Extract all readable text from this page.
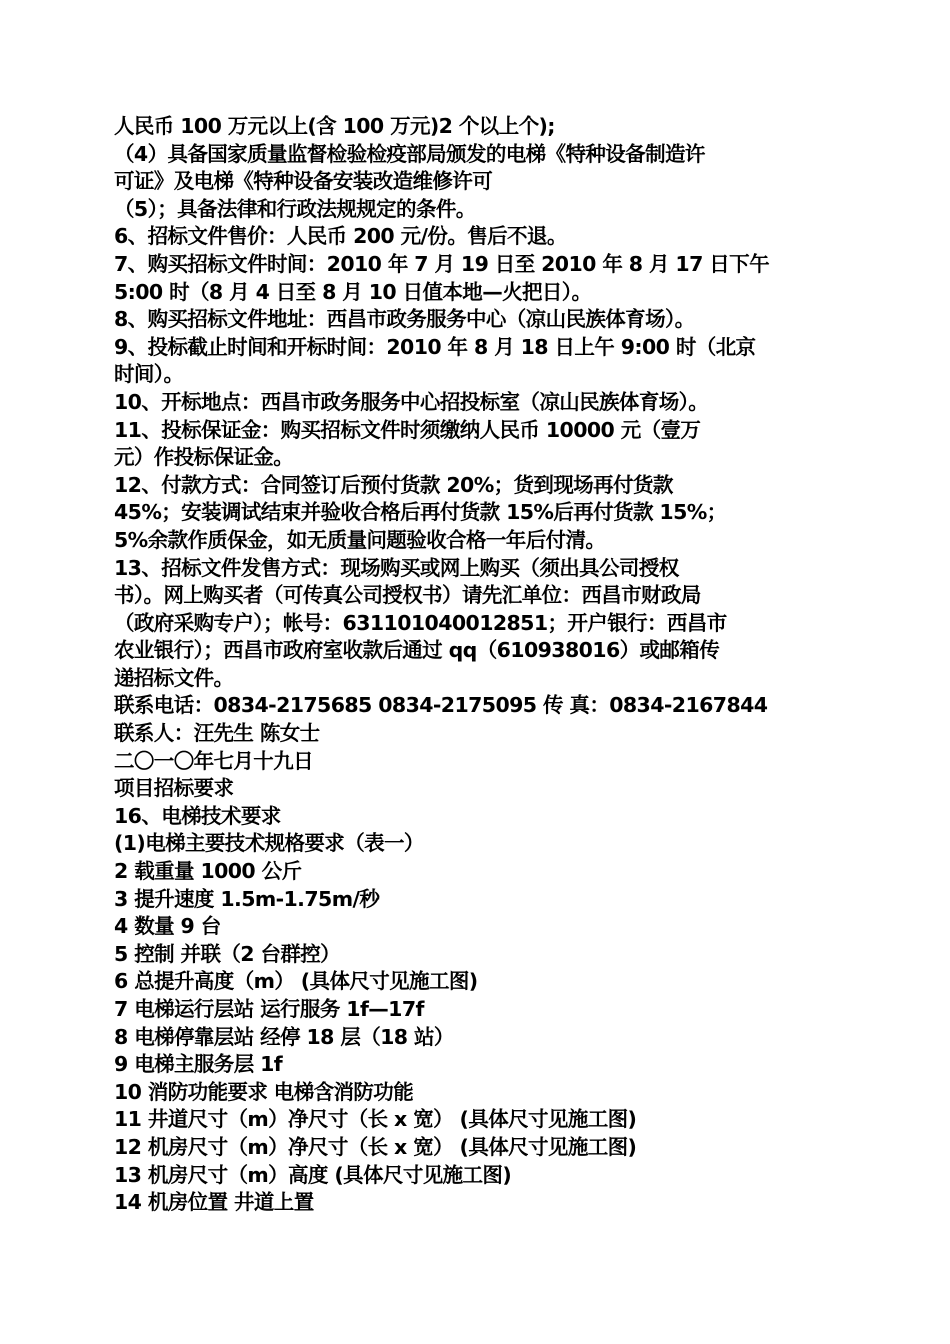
人民币 100 万元以上(含 100 万元)2 个以上个);
（4）具备国家质量监督检验检疫部局颁发的电梯《特种设备制造许
可证》及电梯《特种设备安装改造维修许可
（5）；具备法律和行政法规规定的条件。
6、招标文件售价：人民币 200 元/份。售后不退。
7、购买招标文件时间：2010 年 7 月 19 日至 2010 年 8 月 17 日下午
5:00 时（8 月 4 日至 8 月 10 日值本地—火把日）。
8、购买招标文件地址：西昌市政务服务中心（凉山民族体育场）。
9、投标截止时间和开标时间：2010 年 8 月 18 日上午 9:00 时（北京
时间）。
10、开标地点：西昌市政务服务中心招投标室（凉山民族体育场）。
11、投标保证金：购买招标文件时须缴纳人民币 10000 元（壹万
元）作投标保证金。
12、付款方式：合同签订后预付货款 20%；货到现场再付货款
45%；安装调试结束并验收合格后再付货款 15%后再付货款 15%；
5%余款作质保金，如无质量问题验收合格一年后付清。
13、招标文件发售方式：现场购买或网上购买（须出具公司授权
书）。网上购买者（可传真公司授权书）请先汇单位：西昌市财政局
（政府采购专户）；帐号：631101040012851；开户银行：西昌市
农业银行）；西昌市政府室收款后通过 qq（610938016）或邮箱传
递招标文件。
联系电话：0834-2175685 0834-2175095 传 真：0834-2167844
联系人：汪先生 陈女士
二〇一〇年七月十九日
项目招标要求
16、电梯技术要求
(1)电梯主要技术规格要求（表一）
2 载重量 1000 公斤
3 提升速度 1.5m-1.75m/秒
4 数量 9 台
5 控制 并联（2 台群控）
6 总提升高度（m） (具体尺寸见施工图)
7 电梯运行层站 运行服务 1f—17f
8 电梯停靠层站 经停 18 层（18 站）
9 电梯主服务层 1f
10 消防功能要求 电梯含消防功能
11 井道尺寸（m）净尺寸（长 x 宽） (具体尺寸见施工图)
12 机房尺寸（m）净尺寸（长 x 宽） (具体尺寸见施工图)
13 机房尺寸（m）高度 (具体尺寸见施工图)
14 机房位置 井道上置
